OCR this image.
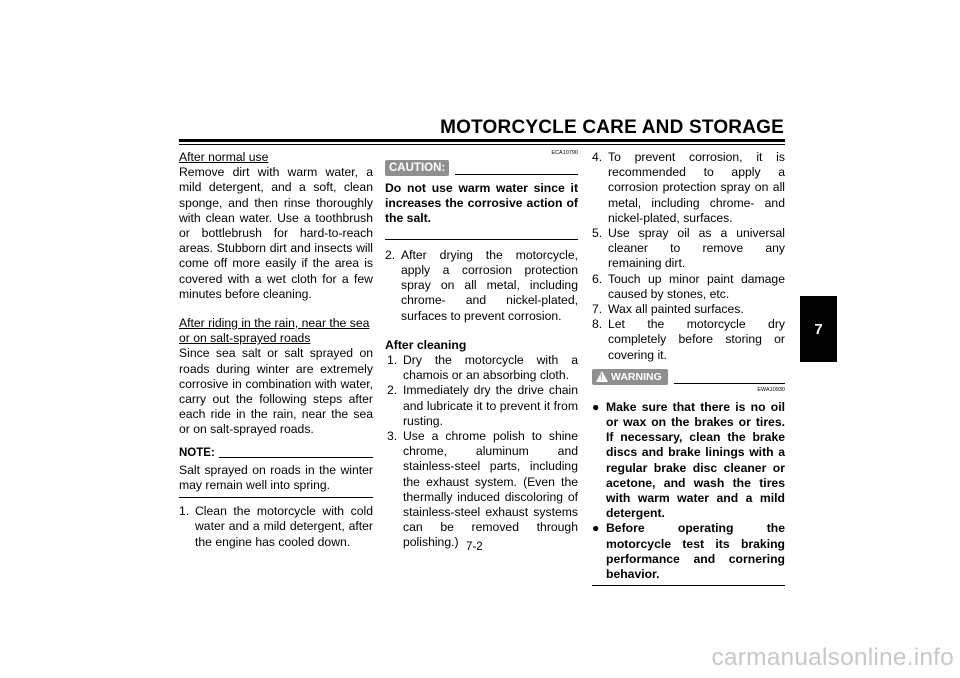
MOTORCYCLE CARE AND STORAGE

After normal use

Remove dirt with warm water, a mild detergent, and a soft, clean sponge, and then rinse thoroughly with clean water. Use a toothbrush or bottlebrush for hard-to-reach areas. Stubborn dirt and insects will come off more easily if the area is covered with a wet cloth for a few minutes before cleaning.

After riding in the rain, near the sea or on salt-sprayed roads

Since sea salt or salt sprayed on roads during winter are extremely corrosive in combination with water, carry out the following steps after each ride in the rain, near the sea or on salt-sprayed roads.

NOTE:

Salt sprayed on roads in the winter may remain well into spring.

1. Clean the motorcycle with cold water and a mild detergent, after the engine has cooled down.
ECA10790
CAUTION:

Do not use warm water since it increases the corrosive action of the salt.

2. After drying the motorcycle, apply a corrosion protection spray on all metal, including chrome- and nickel-plated, surfaces to prevent corrosion.

After cleaning

1. Dry the motorcycle with a chamois or an absorbing cloth.
2. Immediately dry the drive chain and lubricate it to prevent it from rusting.
3. Use a chrome polish to shine chrome, aluminum and stainless-steel parts, including the exhaust system. (Even the thermally induced discoloring of stainless-steel exhaust systems can be removed through polishing.)
4. To prevent corrosion, it is recommended to apply a corrosion protection spray on all metal, including chrome- and nickel-plated, surfaces.
5. Use spray oil as a universal cleaner to remove any remaining dirt.
6. Touch up minor paint damage caused by stones, etc.
7. Wax all painted surfaces.
8. Let the motorcycle dry completely before storing or covering it.
! WARNING
EWA10930
● Make sure that there is no oil or wax on the brakes or tires. If necessary, clean the brake discs and brake linings with a regular brake disc cleaner or acetone, and wash the tires with warm water and a mild detergent.
● Before operating the motorcycle test its braking performance and cornering behavior.
7
7-2
carmanualsonline.info
